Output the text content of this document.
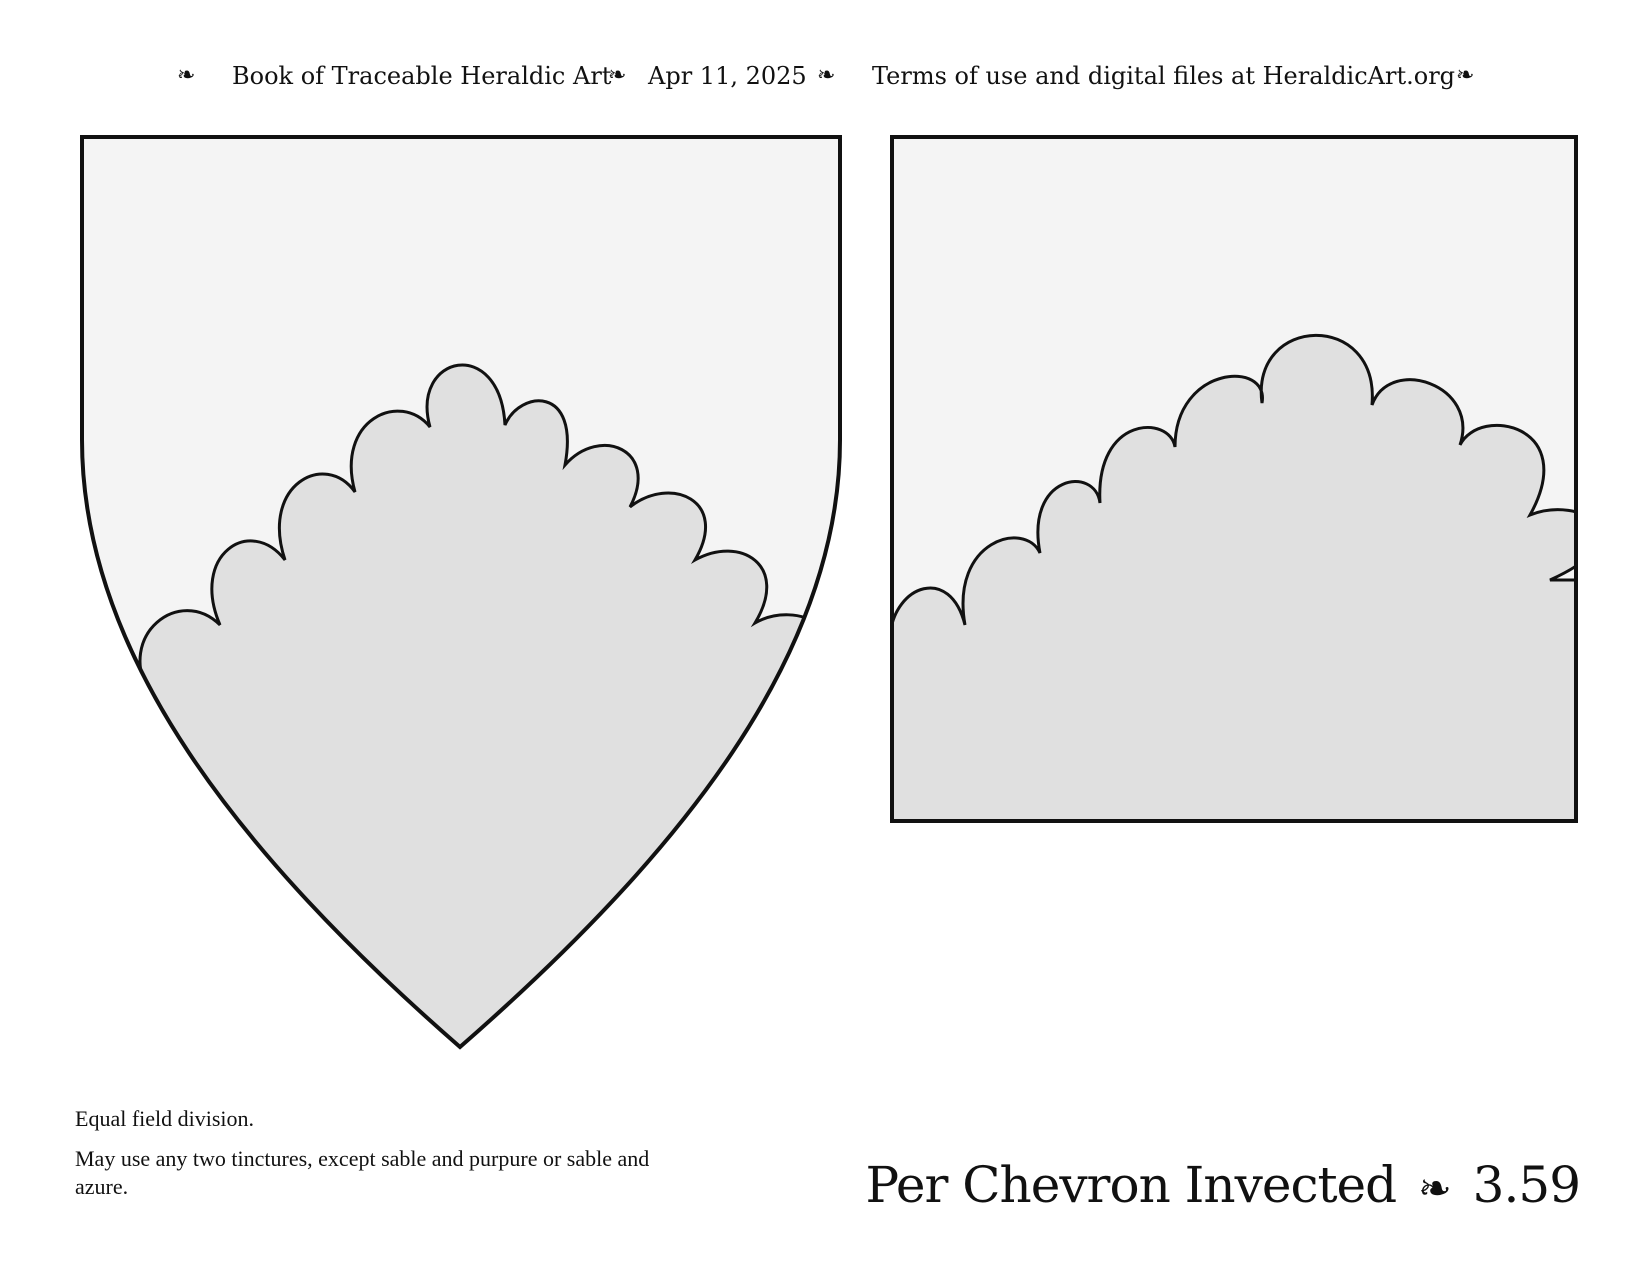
❧ Book of Traceable Heraldic Art
❧ Apr 11, 2025 ❧ Terms of use and digital files at HeraldicArt.org ❧

Equal field division.

May use any two tinctures, except sable and purpure or sable and azure.	Per Chevron Invected ❧ 3.59
